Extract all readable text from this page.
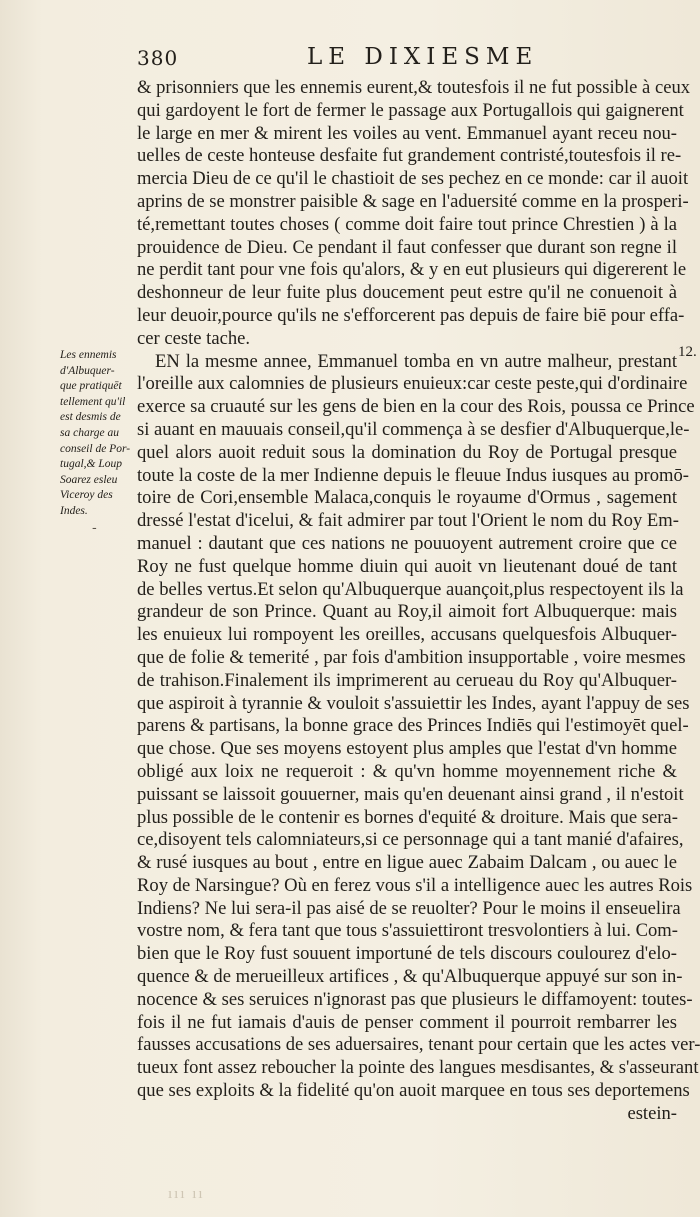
380	LE DIXIESME
12.
Les ennemis
d'Albuquer-
que pratiquēt
tellement qu'il
est desmis de
sa charge au
conseil de Por-
tugal,& Loup
Soarez esleu
Viceroy des
Indes.
-
& prisonniers que les ennemis eurent,& toutesfois il ne fut possible à ceux
qui gardoyent le fort de fermer le passage aux Portugallois qui gaignerent
le large en mer & mirent les voiles au vent. Emmanuel ayant receu nou-
uelles de ceste honteuse desfaite fut grandement contristé,toutesfois il re-
mercia Dieu de ce qu'il le chastioit de ses pechez en ce monde: car il auoit
aprins de se monstrer paisible & sage en l'aduersité comme en la prosperi-
té,remettant toutes choses ( comme doit faire tout prince Chrestien ) à la
prouidence de Dieu. Ce pendant il faut confesser que durant son regne il
ne perdit tant pour vne fois qu'alors, & y en eut plusieurs qui digererent le
deshonneur de leur fuite plus doucement peut estre qu'il ne conuenoit à
leur deuoir,pource qu'ils ne s'efforcerent pas depuis de faire biē pour effa-
cer ceste tache.
EN la mesme annee, Emmanuel tomba en vn autre malheur, prestant
l'oreille aux calomnies de plusieurs enuieux:car ceste peste,qui d'ordinaire
exerce sa cruauté sur les gens de bien en la cour des Rois, poussa ce Prince
si auant en mauuais conseil,qu'il commença à se desfier d'Albuquerque,le-
quel alors auoit reduit sous la domination du Roy de Portugal presque
toute la coste de la mer Indienne depuis le fleuue Indus iusques au promō-
toire de Cori,ensemble Malaca,conquis le royaume d'Ormus , sagement
dressé l'estat d'icelui, & fait admirer par tout l'Orient le nom du Roy Em-
manuel : dautant que ces nations ne pouuoyent autrement croire que ce
Roy ne fust quelque homme diuin qui auoit vn lieutenant doué de tant
de belles vertus.Et selon qu'Albuquerque auançoit,plus respectoyent ils la
grandeur de son Prince. Quant au Roy,il aimoit fort Albuquerque: mais
les enuieux lui rompoyent les oreilles, accusans quelquesfois Albuquer-
que de folie & temerité , par fois d'ambition insupportable , voire mesmes
de trahison.Finalement ils imprimerent au cerueau du Roy qu'Albuquer-
que aspiroit à tyrannie & vouloit s'assuiettir les Indes, ayant l'appuy de ses
parens & partisans, la bonne grace des Princes Indiēs qui l'estimoyēt quel-
que chose. Que ses moyens estoyent plus amples que l'estat d'vn homme
obligé aux loix ne requeroit : & qu'vn homme moyennement riche &
puissant se laissoit gouuerner, mais qu'en deuenant ainsi grand , il n'estoit
plus possible de le contenir es bornes d'equité & droiture. Mais que sera-
ce,disoyent tels calomniateurs,si ce personnage qui a tant manié d'afaires,
& rusé iusques au bout , entre en ligue auec Zabaim Dalcam , ou auec le
Roy de Narsingue? Où en ferez vous s'il a intelligence auec les autres Rois
Indiens? Ne lui sera-il pas aisé de se reuolter? Pour le moins il enseuelira
vostre nom, & fera tant que tous s'assuiettiront tresvolontiers à lui. Com-
bien que le Roy fust souuent importuné de tels discours coulourez d'elo-
quence & de merueilleux artifices , & qu'Albuquerque appuyé sur son in-
nocence & ses seruices n'ignorast pas que plusieurs le diffamoyent: toutes-
fois il ne fut iamais d'auis de penser comment il pourroit rembarrer les
fausses accusations de ses aduersaires, tenant pour certain que les actes ver-
tueux font assez reboucher la pointe des langues mesdisantes, & s'asseurant
que ses exploits & la fidelité qu'on auoit marquee en tous ses deportemens
estein-
ııı ıı
